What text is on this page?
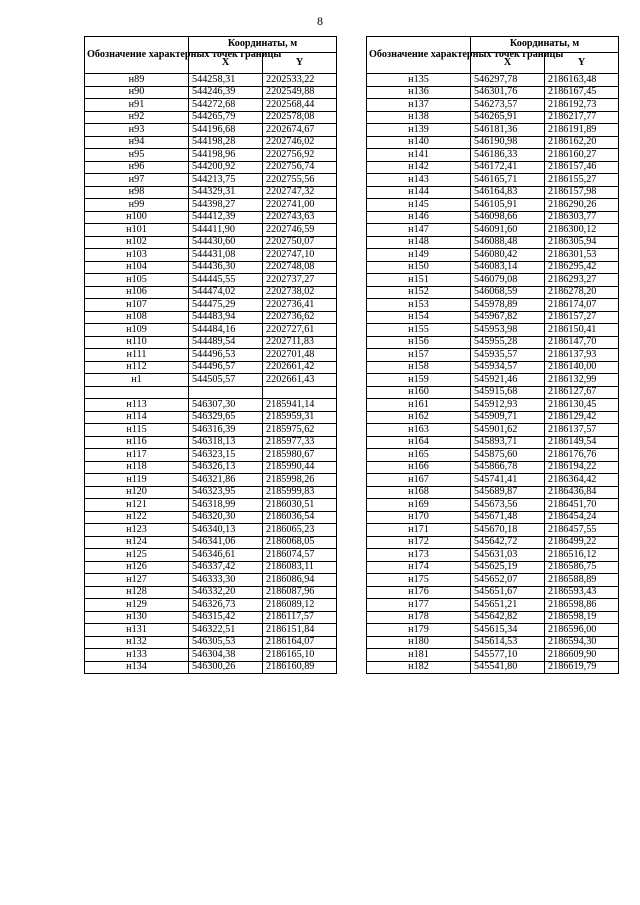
8
Обозначение характерных точек границы	Координаты, м	
	X	Y
н89	544258,31	2202533,22
н90	544246,39	2202549,88
н91	544272,68	2202568,44
н92	544265,79	2202578,08
н93	544196,68	2202674,67
н94	544198,28	2202746,02
н95	544198,96	2202756,92
н96	544200,92	2202756,74
н97	544213,75	2202755,56
н98	544329,31	2202747,32
н99	544398,27	2202741,00
н100	544412,39	2202743,63
н101	544411,90	2202746,59
н102	544430,60	2202750,07
н103	544431,08	2202747,10
н104	544436,30	2202748,08
н105	544445,55	2202737,27
н106	544474,02	2202738,02
н107	544475,29	2202736,41
н108	544483,94	2202736,62
н109	544484,16	2202727,61
н110	544489,54	2202711,83
н111	544496,53	2202701,48
н112	544496,57	2202661,42
н1	544505,57	2202661,43

н113	546307,30	2185941,14
н114	546329,65	2185959,31
н115	546316,39	2185975,62
н116	546318,13	2185977,33
н117	546323,15	2185980,67
н118	546326,13	2185990,44
н119	546321,86	2185998,26
н120	546323,95	2185999,83
н121	546318,99	2186030,51
н122	546320,30	2186036,54
н123	546340,13	2186065,23
н124	546341,06	2186068,05
н125	546346,61	2186074,57
н126	546337,42	2186083,11
н127	546333,30	2186086,94
н128	546332,20	2186087,96
н129	546326,73	2186089,12
н130	546315,42	2186117,57
н131	546322,51	2186151,84
н132	546305,53	2186164,07
н133	546304,38	2186165,10
н134	546300,26	2186160,89
Обозначение характерных точек границы	Координаты, м	
	X	Y
н135	546297,78	2186163,48
н136	546301,76	2186167,45
н137	546273,57	2186192,73
н138	546265,91	2186217,77
н139	546181,36	2186191,89
н140	546190,98	2186162,20
н141	546186,33	2186160,27
н142	546172,41	2186157,46
н143	546165,71	2186155,27
н144	546164,83	2186157,98
н145	546105,91	2186290,26
н146	546098,66	2186303,77
н147	546091,60	2186300,12
н148	546088,48	2186305,94
н149	546080,42	2186301,53
н150	546083,14	2186295,42
н151	546079,08	2186293,27
н152	546068,59	2186278,20
н153	545978,89	2186174,07
н154	545967,82	2186157,27
н155	545953,98	2186150,41
н156	545955,28	2186147,70
н157	545935,57	2186137,93
н158	545934,57	2186140,00
н159	545921,46	2186132,99
н160	545915,68	2186127,67
н161	545912,93	2186130,45
н162	545909,71	2186129,42
н163	545901,62	2186137,57
н164	545893,71	2186149,54
н165	545875,60	2186176,76
н166	545866,78	2186194,22
н167	545741,41	2186364,42
н168	545689,87	2186436,84
н169	545673,56	2186451,70
н170	545671,48	2186454,24
н171	545670,18	2186457,55
н172	545642,72	2186499,22
н173	545631,03	2186516,12
н174	545625,19	2186586,75
н175	545652,07	2186588,89
н176	545651,67	2186593,43
н177	545651,21	2186598,86
н178	545642,82	2186598,19
н179	545615,34	2186596,00
н180	545614,53	2186594,30
н181	545577,10	2186609,90
н182	545541,80	2186619,79
